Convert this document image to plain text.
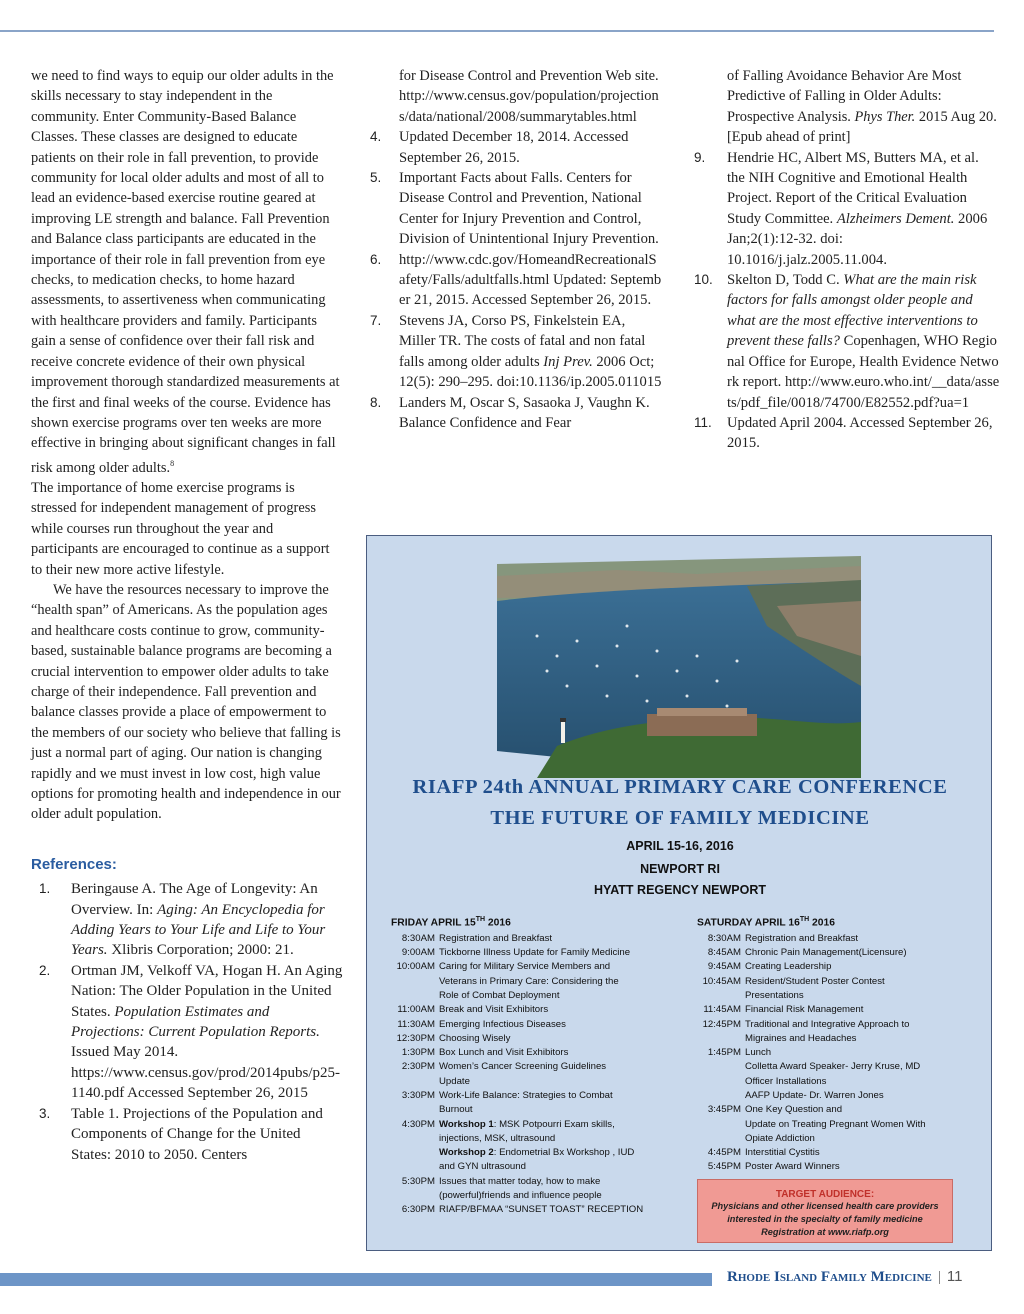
we need to find ways to equip our older adults in the skills necessary to stay independent in the community. Enter Community-Based Balance Classes. These classes are designed to educate patients on their role in fall prevention, to provide community for local older adults and most of all to lead an evidence-based exercise routine geared at improving LE strength and balance. Fall Prevention and Balance class participants are educated in the importance of their role in fall prevention from eye checks, to medication checks, to home hazard assessments, to assertiveness when communicating with healthcare providers and family. Participants gain a sense of confidence over their fall risk and receive concrete evidence of their own physical improvement thorough standardized measurements at the first and final weeks of the course. Evidence has shown exercise programs over ten weeks are more effective in bringing about significant changes in fall risk among older adults.$^8$

The importance of home exercise programs is stressed for independent management of progress while courses run throughout the year and participants are encouraged to continue as a support to their new more active lifestyle.

We have the resources necessary to improve the “health span” of Americans. As the population ages and healthcare costs continue to grow, community-based, sustainable balance programs are becoming a crucial intervention to empower older adults to take charge of their independence. Fall prevention and balance classes provide a place of empowerment to
the members of our society who believe that falling is just a normal part of aging. Our nation is changing rapidly and we must invest in low cost, high value options for promoting health and independence in our older adult population.

References:
1. Beringause A. The Age of Longevity: An Overview. In: Aging: An Encyclopedia for Adding Years to Your Life and Life to Your Years. Xlibris Corporation; 2000: 21.
2. Ortman JM, Velkoff VA, Hogan H. An Aging Nation: The Older Population in the United States. Population Estimates and Projections: Current Population Reports. Issued May 2014. https://www.census.gov/prod/2014pubs/p25-1140.pdf Accessed September 26, 2015
3. Table 1. Projections of the Population and Components of Change for the United States: 2010 to 2050. Centers
for Disease Control and Prevention Web site. http://www.census.gov/population/projections/data/national/2008/summarytables.html
4. Updated December 18, 2014. Accessed September 26, 2015.
5. Important Facts about Falls. Centers for Disease Control and Prevention, National Center for Injury Prevention and Control, Division of Unintentional Injury Prevention.
6. http://www.cdc.gov/HomeandRecreationalSafety/Falls/adultfalls.html Updated: September 21, 2015. Accessed September 26, 2015.
7. Stevens JA, Corso PS, Finkelstein EA, Miller TR. The costs of fatal and non fatal falls among older adults Inj Prev. 2006 Oct; 12(5): 290–295. doi:10.1136/ip.2005.011015
8. Landers M, Oscar S, Sasaoka J, Vaughn K. Balance Confidence and Fear
of Falling Avoidance Behavior Are Most Predictive of Falling in Older Adults: Prospective Analysis. Phys Ther. 2015 Aug 20. [Epub ahead of print]
9. Hendrie HC, Albert MS, Butters MA, et al. the NIH Cognitive and Emotional Health Project. Report of the Critical Evaluation Study Committee. Alzheimers Dement. 2006 Jan;2(1):12-32. doi: 10.1016/j.jalz.2005.11.004.
10. Skelton D, Todd C. What are the main risk factors for falls amongst older people and what are the most effective interventions to prevent these falls? Copenhagen, WHO Regional Office for Europe, Health Evidence Network report. http://www.euro.who.int/__data/assets/pdf_file/0018/74700/E82552.pdf?ua=1
11. Updated April 2004. Accessed September 26, 2015.
RIAFP 24th ANNUAL PRIMARY CARE CONFERENCE
THE FUTURE OF FAMILY MEDICINE
APRIL 15-16, 2016
NEWPORT RI
HYATT REGENCY NEWPORT
FRIDAY APRIL 15TH 2016
8:30AM Registration and Breakfast
9:00AM Tickborne Illness Update for Family Medicine
10:00AM Caring for Military Service Members and
Veterans in Primary Care: Considering the
Role of Combat Deployment
11:00AM Break and Visit Exhibitors
11:30AM Emerging Infectious Diseases
12:30PM Choosing Wisely
1:30PM Box Lunch and Visit Exhibitors
2:30PM Women’s Cancer Screening Guidelines
Update
3:30PM Work-Life Balance: Strategies to Combat
Burnout
4:30PM Workshop 1: MSK Potpourri Exam skills,
injections, MSK, ultrasound
Workshop 2: Endometrial Bx Workshop , IUD
and GYN ultrasound
5:30PM Issues that matter today, how to make
(powerful)friends and influence people
6:30PM RIAFP/BFMAA “SUNSET TOAST” RECEPTION
SATURDAY APRIL 16TH 2016
8:30AM Registration and Breakfast
8:45AM Chronic Pain Management(Licensure)
9:45AM Creating Leadership
10:45AM Resident/Student Poster Contest
Presentations
11:45AM Financial Risk Management
12:45PM Traditional and Integrative Approach to
Migraines and Headaches
1:45PM Lunch
Colletta Award Speaker- Jerry Kruse, MD
Officer Installations
AAFP Update- Dr. Warren Jones
3:45PM One Key Question and
Update on Treating Pregnant Women With
Opiate Addiction
4:45PM Interstitial Cystitis
5:45PM Poster Award Winners
TARGET AUDIENCE:
Physicians and other licensed health care providers
interested in the specialty of family medicine
Registration at www.riafp.org
Rhode Island Family Medicine | 11
